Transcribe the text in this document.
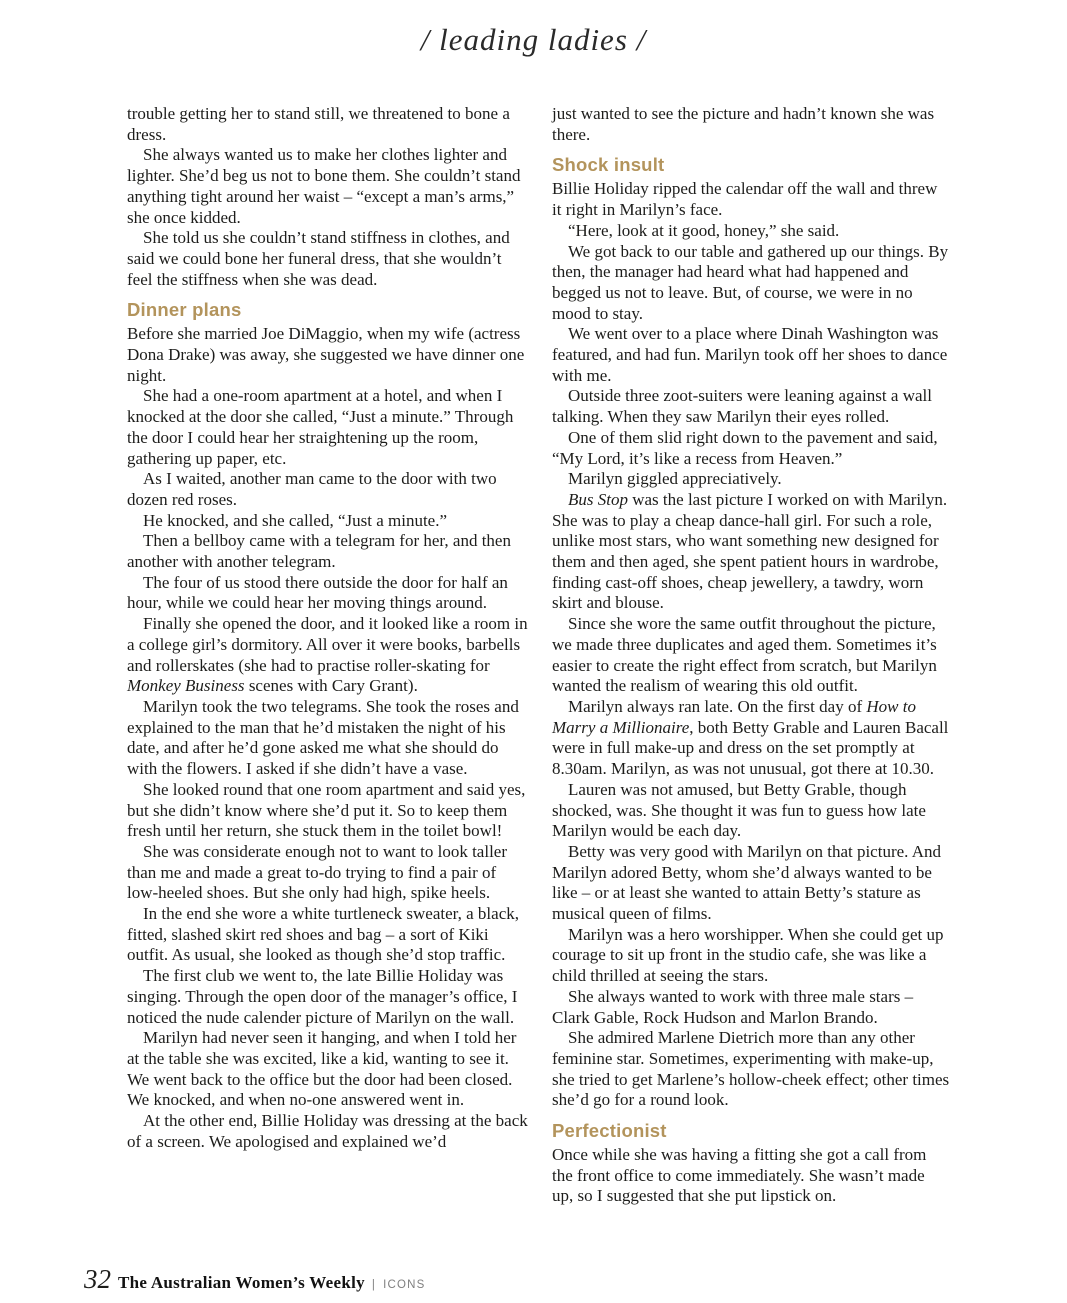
/ leading ladies /

trouble getting her to stand still, we threatened to bone a dress.

She always wanted us to make her clothes lighter and lighter. She’d beg us not to bone them. She couldn’t stand anything tight around her waist – “except a man’s arms,” she once kidded.

She told us she couldn’t stand stiffness in clothes, and said we could bone her funeral dress, that she wouldn’t feel the stiffness when she was dead.

Dinner plans

Before she married Joe DiMaggio, when my wife (actress Dona Drake) was away, she suggested we have dinner one night.

She had a one-room apartment at a hotel, and when I knocked at the door she called, “Just a minute.” Through the door I could hear her straightening up the room, gathering up paper, etc.

As I waited, another man came to the door with two dozen red roses.

He knocked, and she called, “Just a minute.”

Then a bellboy came with a telegram for her, and then another with another telegram.

The four of us stood there outside the door for half an hour, while we could hear her moving things around.

Finally she opened the door, and it looked like a room in a college girl’s dormitory. All over it were books, barbells and rollerskates (she had to practise roller-skating for Monkey Business scenes with Cary Grant).

Marilyn took the two telegrams. She took the roses and explained to the man that he’d mistaken the night of his date, and after he’d gone asked me what she should do with the flowers. I asked if she didn’t have a vase.

She looked round that one room apartment and said yes, but she didn’t know where she’d put it. So to keep them fresh until her return, she stuck them in the toilet bowl!

She was considerate enough not to want to look taller than me and made a great to-do trying to find a pair of low-heeled shoes. But she only had high, spike heels.

In the end she wore a white turtleneck sweater, a black, fitted, slashed skirt red shoes and bag – a sort of Kiki outfit. As usual, she looked as though she’d stop traffic.

The first club we went to, the late Billie Holiday was singing. Through the open door of the manager’s office, I noticed the nude calender picture of Marilyn on the wall.

Marilyn had never seen it hanging, and when I told her at the table she was excited, like a kid, wanting to see it. We went back to the office but the door had been closed. We knocked, and when no-one answered went in.

At the other end, Billie Holiday was dressing at the back of a screen. We apologised and explained we’d

just wanted to see the picture and hadn’t known she was there.

Shock insult

Billie Holiday ripped the calendar off the wall and threw it right in Marilyn’s face.

“Here, look at it good, honey,” she said.

We got back to our table and gathered up our things. By then, the manager had heard what had happened and begged us not to leave. But, of course, we were in no mood to stay.

We went over to a place where Dinah Washington was featured, and had fun. Marilyn took off her shoes to dance with me.

Outside three zoot-suiters were leaning against a wall talking. When they saw Marilyn their eyes rolled.

One of them slid right down to the pavement and said, “My Lord, it’s like a recess from Heaven.”

Marilyn giggled appreciatively.

Bus Stop was the last picture I worked on with Marilyn. She was to play a cheap dance-hall girl. For such a role, unlike most stars, who want something new designed for them and then aged, she spent patient hours in wardrobe, finding cast-off shoes, cheap jewellery, a tawdry, worn skirt and blouse.

Since she wore the same outfit throughout the picture, we made three duplicates and aged them. Sometimes it’s easier to create the right effect from scratch, but Marilyn wanted the realism of wearing this old outfit.

Marilyn always ran late. On the first day of How to Marry a Millionaire, both Betty Grable and Lauren Bacall were in full make-up and dress on the set promptly at 8.30am. Marilyn, as was not unusual, got there at 10.30.

Lauren was not amused, but Betty Grable, though shocked, was. She thought it was fun to guess how late Marilyn would be each day.

Betty was very good with Marilyn on that picture. And Marilyn adored Betty, whom she’d always wanted to be like – or at least she wanted to attain Betty’s stature as musical queen of films.

Marilyn was a hero worshipper. When she could get up courage to sit up front in the studio cafe, she was like a child thrilled at seeing the stars.

She always wanted to work with three male stars – Clark Gable, Rock Hudson and Marlon Brando.

She admired Marlene Dietrich more than any other feminine star. Sometimes, experimenting with make-up, she tried to get Marlene’s hollow-cheek effect; other times she’d go for a round look.

Perfectionist

Once while she was having a fitting she got a call from the front office to come immediately. She wasn’t made up, so I suggested that she put lipstick on.

32 The Australian Women’s Weekly | ICONS
